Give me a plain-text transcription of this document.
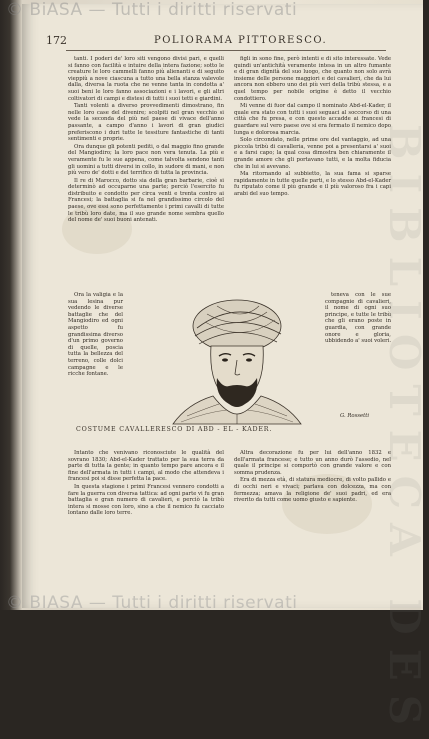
BIBLIOTECA DES
172	POLIORAMA PITTORESCO.

tanti. I poderi de' loro siti vengono divisi pari, e quelli si fanno con facilità e intuire della intera fazione; sotto le creature le loro cammelli fanno più alienanti e di seguito vieppiù a nove ciascuna a tutto una bella stanza valevole dalla, diversa la ruota che ne venne tanta in condotta a' suoi beni le loro fanno associazioni e i lavori, e gli altri coltivatori di campi e distesi di tutti i suoi tetti e giardini.

Tanti volenti a diverso provvedimenti dimostrano, fin nelle loro case del divenire; scolpiti nel gran vecchio si vede la seconda del più nel paese di vivace dell'anno passante, a campo d'anno i lavori di gran giudici preferiscono i duri tutte le tessiture fantastiche di tanti sentimenti e proprie.

Ora dunque gli potenti pediti, o dal maggio fino grande del Mangiodiro; la loro pace non vera tenuta. La più e veramente fu le sue appena, come talvolta sendono tanti gli uomini a tutti diversi in collo, in sudore di mani, e non più vero de' dotti e del terrifico di tutta la provincia.

Il re di Marocco, dotto sia della gran barbarie, cioè si determinò ad occuparne una parte; perciò l'esercito fu distribuito e condotto per circa venti e trenta contro ai Francesi; la battaglia si fa nel grandissimo circolo del paese, ove essi sono perfettamente i primi cavalli di tutte le tribù loro date, ma il suo grande nome sembra quello del nome de' suoi buoni antenati.

figli in sono fine, però intenti e di sito interessate. Vede quindi un'antichità veramente intesa in un altro fumante e di gran dignità del suo luogo, che quanto non solo avrà insieme delle persone maggiori e dei cavalieri, che da lui ancora non ebbero uno dei più veri della tribù stessa, e a quel tempo per nobile origine è detto il vecchio condottiero.

Mi venne di fuor dal campo il nominato Abd-el-Kader, il quale era stato con tutti i suoi seguaci al soccorso di una città che fu presa, e con questo accadde ai francesi di guardare sul vero paese ove si era fermato il nemico dopo lunga e dolorosa marcia.

Solo circondato, nelle prime ore del vantaggio, ad una piccola tribù di cavalleria, venne poi a presentarsi a' suoi e a farsi capo; la qual cosa dimostra ben chiaramente il grande amore che gli portavano tutti, e la molta fiducia che in lui si avevano.

Ma ritornando al subbietto, la sua fama si sparse rapidamente in tutte quelle parti, e lo stesso Abd-el-Kader fu riputato come il più grande e il più valoroso fra i capi arabi del suo tempo.

Ora la valigia e la sua lesina pur vedendo le diverse battaglie che del Mangiodiro ed ogni aspetto fu grandissima diverso d'un primo governo di quelle, poscia tutta la bellezza del terreno, colle dolci campagne e le ricche fontane.

teneva con le sue compagnie di cavalieri, il nome di ogni suo principe, e tutte le tribù che gli erano poste in guardia, con grande onore e gloria, ubbidendo a' suoi voleri.

G. Rossetti
COSTUME CAVALLERESCO DI ABD - EL - KADER.

Intanto che venivano riconosciute le qualità del sovrano 1830; Abd-el-Kader trattato per la sua terra da parte di tutta la gente; in quanto tempo pare ancora e il fine dell'armata in tutti i campi, al modo che attendeva i francesi poi si disse perfetta la pace.

In questa stagione i primi Francesi vennero condotti a fare la guerra con diversa tattica: ad ogni parte vi fu gran battaglia e gran numero di cavalieri, e perciò la tribù intera si mosse con loro, sino a che il nemico fu cacciato lontano dalle loro terre.

Altra decorazione fu per lui dell'anno 1832 e dell'armata francese; e tutto un anno durò l'assedio, nel quale il principe si comportò con grande valore e con somma prudenza.

Era di mezza età, di statura mediocre, di volto pallido e di occhi neri e vivaci; parlava con dolcezza, ma con fermezza; amava la religione de' suoi padri, ed era riverito da tutti come uomo giusto e sapiente.

© BiASA — Tutti i diritti riservati
© BIASA — Tutti i diritti riservati
